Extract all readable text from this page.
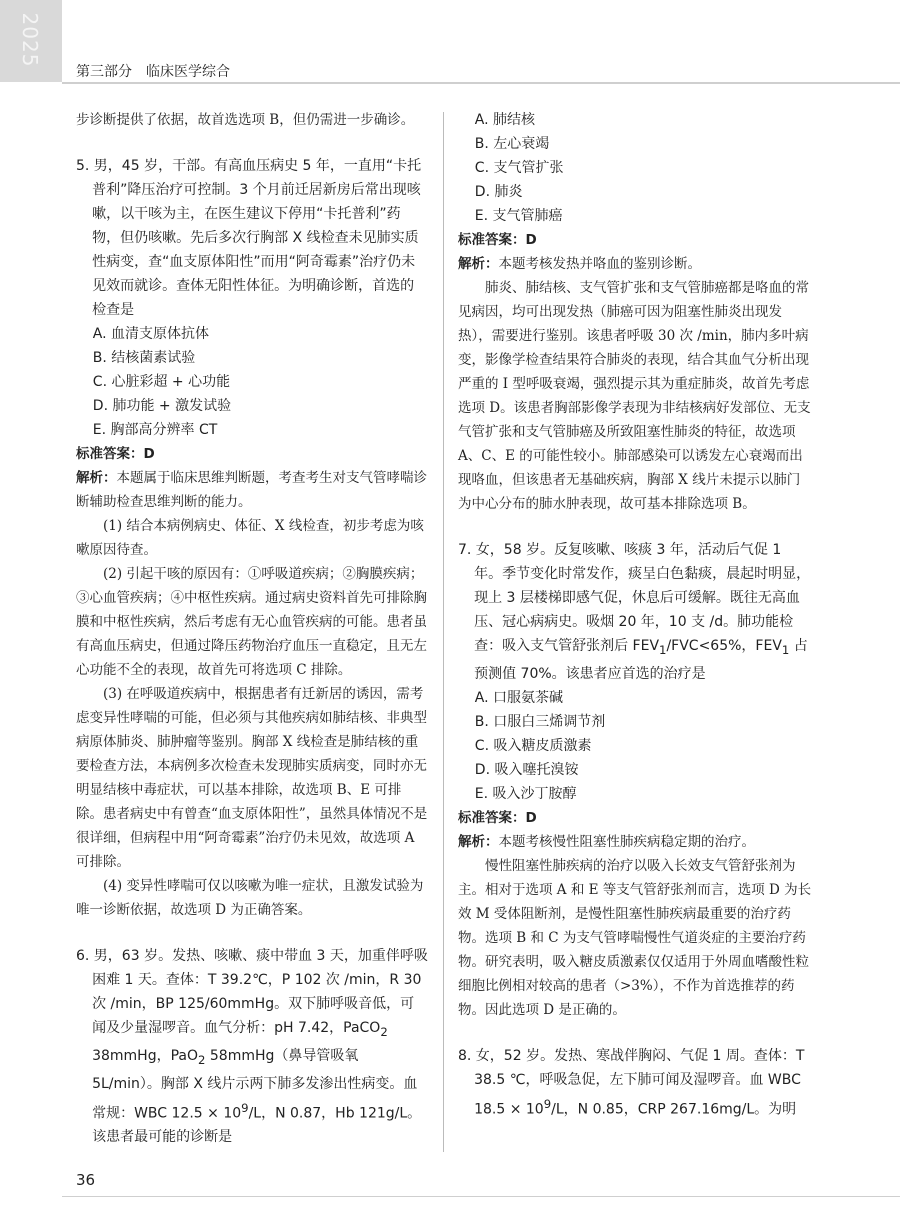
2025
第三部分　临床医学综合

步诊断提供了依据，故首选选项 B，但仍需进一步确诊。

5. 男，45 岁，干部。有高血压病史 5 年，一直用“卡托普利”降压治疗可控制。3 个月前迁居新房后常出现咳嗽，以干咳为主，在医生建议下停用“卡托普利”药物，但仍咳嗽。先后多次行胸部 X 线检查未见肺实质性病变，查“血支原体阳性”而用“阿奇霉素”治疗仍未见效而就诊。查体无阳性体征。为明确诊断，首选的检查是

A. 血清支原体抗体

B. 结核菌素试验

C. 心脏彩超 + 心功能

D. 肺功能 + 激发试验

E. 胸部高分辨率 CT

标准答案：D

解析：本题属于临床思维判断题，考查考生对支气管哮喘诊断辅助检查思维判断的能力。

(1) 结合本病例病史、体征、X 线检查，初步考虑为咳嗽原因待查。

(2) 引起干咳的原因有：①呼吸道疾病；②胸膜疾病；③心血管疾病；④中枢性疾病。通过病史资料首先可排除胸膜和中枢性疾病，然后考虑有无心血管疾病的可能。患者虽有高血压病史，但通过降压药物治疗血压一直稳定，且无左心功能不全的表现，故首先可将选项 C 排除。

(3) 在呼吸道疾病中，根据患者有迁新居的诱因，需考虑变异性哮喘的可能，但必须与其他疾病如肺结核、非典型病原体肺炎、肺肿瘤等鉴别。胸部 X 线检查是肺结核的重要检查方法，本病例多次检查未发现肺实质病变，同时亦无明显结核中毒症状，可以基本排除，故选项 B、E 可排除。患者病史中有曾查“血支原体阳性”，虽然具体情况不是很详细，但病程中用“阿奇霉素”治疗仍未见效，故选项 A 可排除。

(4) 变异性哮喘可仅以咳嗽为唯一症状，且激发试验为唯一诊断依据，故选项 D 为正确答案。

6. 男，63 岁。发热、咳嗽、痰中带血 3 天，加重伴呼吸困难 1 天。查体：T 39.2℃，P 102 次 /min，R 30 次 /min，BP 125/60mmHg。双下肺呼吸音低，可闻及少量湿啰音。血气分析：pH 7.42，PaCO$_2$ 38mmHg，PaO$_2$ 58mmHg（鼻导管吸氧 5L/min）。胸部 X 线片示两下肺多发渗出性病变。血常规：WBC $12.5 \times 10^9/L$，N 0.87，Hb 121g/L。该患者最可能的诊断是

A. 肺结核

B. 左心衰竭

C. 支气管扩张

D. 肺炎

E. 支气管肺癌

标准答案：D

解析：本题考核发热并咯血的鉴别诊断。

肺炎、肺结核、支气管扩张和支气管肺癌都是咯血的常见病因，均可出现发热（肺癌可因为阻塞性肺炎出现发热），需要进行鉴别。该患者呼吸 30 次 /min，肺内多叶病变，影像学检查结果符合肺炎的表现，结合其血气分析出现严重的 Ⅰ 型呼吸衰竭，强烈提示其为重症肺炎，故首先考虑选项 D。该患者胸部影像学表现为非结核病好发部位、无支气管扩张和支气管肺癌及所致阻塞性肺炎的特征，故选项 A、C、E 的可能性较小。肺部感染可以诱发左心衰竭而出现咯血，但该患者无基础疾病，胸部 X 线片未提示以肺门为中心分布的肺水肿表现，故可基本排除选项 B。

7. 女，58 岁。反复咳嗽、咳痰 3 年，活动后气促 1 年。季节变化时常发作，痰呈白色黏痰，晨起时明显，现上 3 层楼梯即感气促，休息后可缓解。既往无高血压、冠心病病史。吸烟 20 年，10 支 /d。肺功能检查：吸入支气管舒张剂后 $FEV_1/FVC<65\%$，$FEV_1$ 占预测值 70%。该患者应首选的治疗是

A. 口服氨茶碱

B. 口服白三烯调节剂

C. 吸入糖皮质激素

D. 吸入噻托溴铵

E. 吸入沙丁胺醇

标准答案：D

解析：本题考核慢性阻塞性肺疾病稳定期的治疗。

慢性阻塞性肺疾病的治疗以吸入长效支气管舒张剂为主。相对于选项 A 和 E 等支气管舒张剂而言，选项 D 为长效 M 受体阻断剂，是慢性阻塞性肺疾病最重要的治疗药物。选项 B 和 C 为支气管哮喘慢性气道炎症的主要治疗药物。研究表明，吸入糖皮质激素仅仅适用于外周血嗜酸性粒细胞比例相对较高的患者（>3%），不作为首选推荐的药物。因此选项 D 是正确的。

8. 女，52 岁。发热、寒战伴胸闷、气促 1 周。查体：T 38.5 ℃，呼吸急促，左下肺可闻及湿啰音。血 WBC $18.5 \times 10^9/L$，N 0.85，CRP 267.16mg/L。为明

36
